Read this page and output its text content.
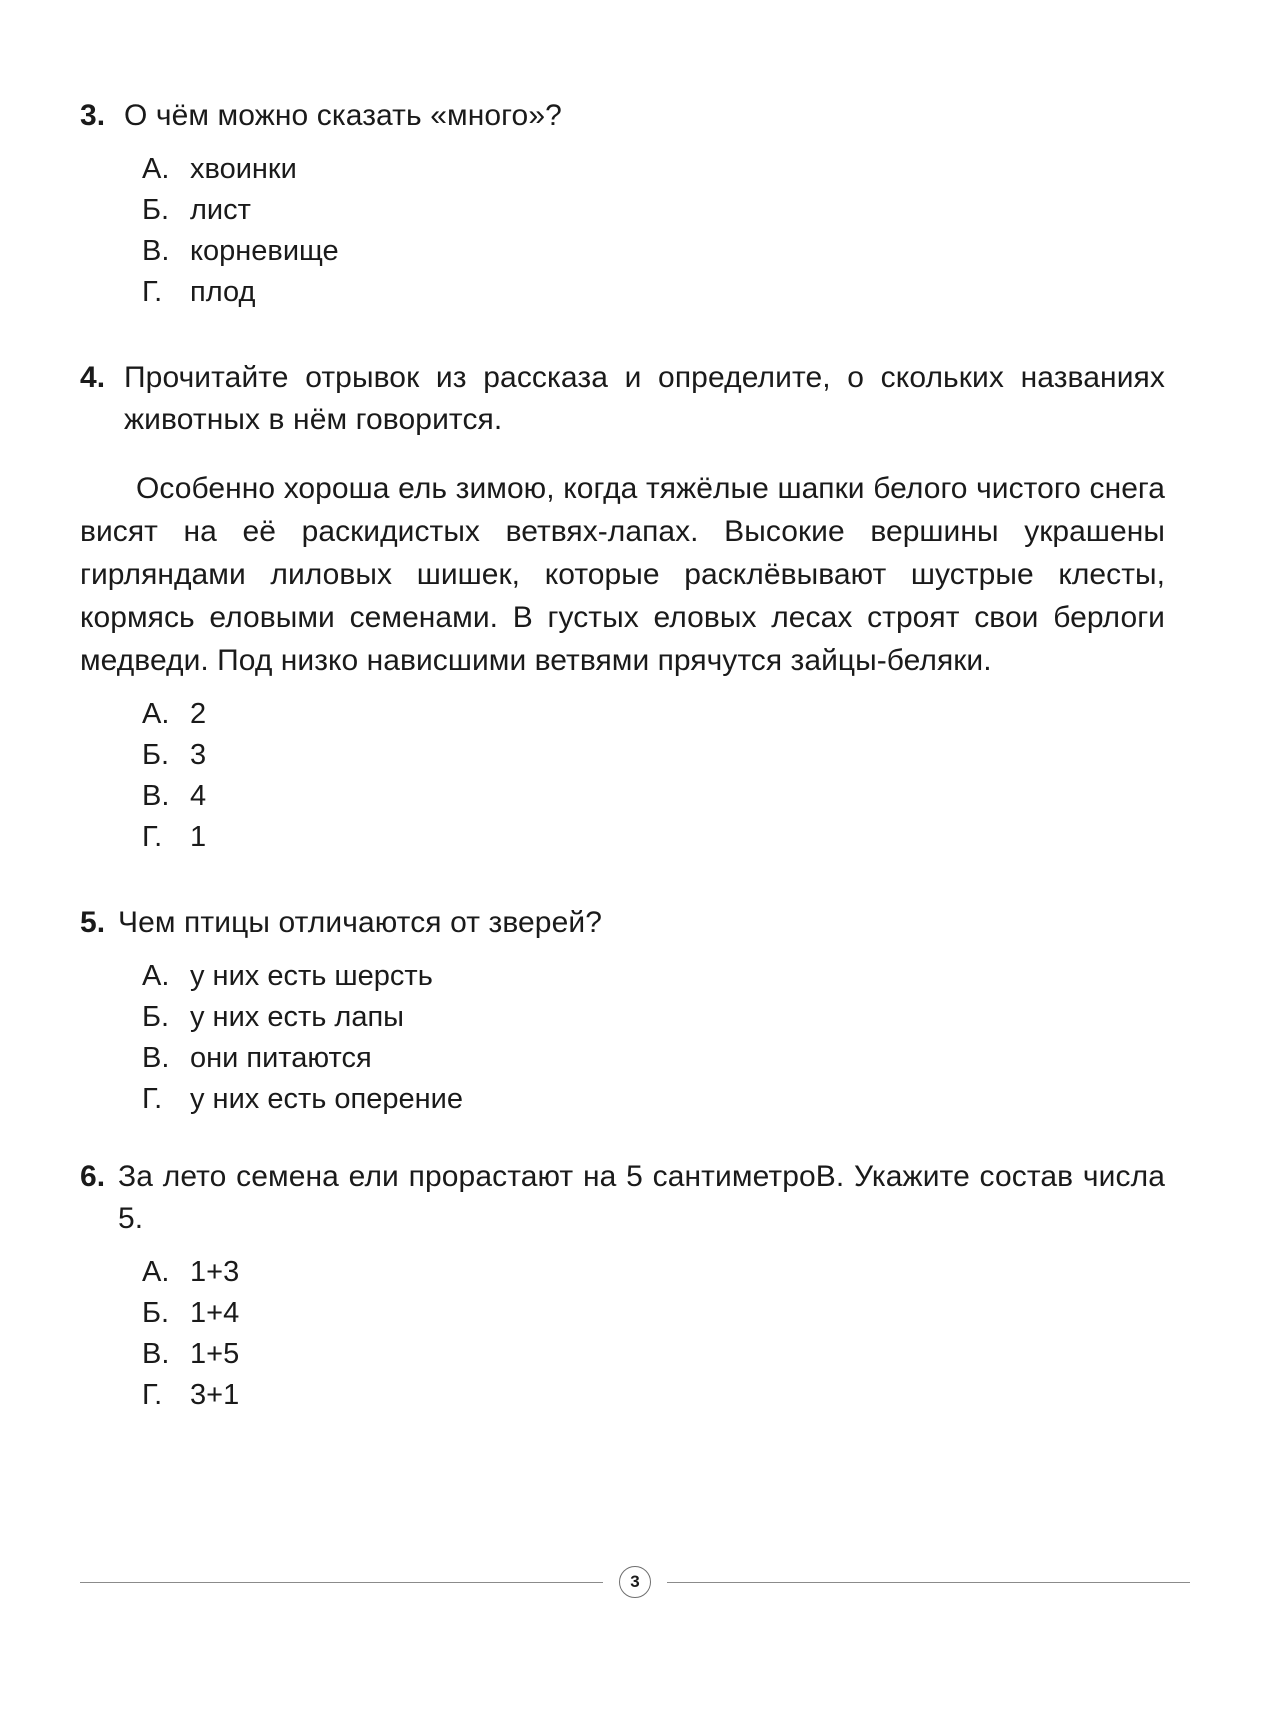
3. О чём можно сказать «много»?
А. хвоинки
Б. лист
В. корневище
Г. плод
4. Прочитайте отрывок из рассказа и определите, о скольких названиях животных в нём говорится.
Особенно хороша ель зимою, когда тяжёлые шапки белого чистого снега висят на её раскидистых ветвях-лапах. Высокие вершины украшены гирляндами лиловых шишек, которые расклёвывают шустрые клесты, кормясь еловыми семенами. В густых еловых лесах строят свои берлоги медведи. Под низко нависшими ветвями прячутся зайцы-беляки.
А. 2
Б. 3
В. 4
Г. 1
5. Чем птицы отличаются от зверей?
А. у них есть шерсть
Б. у них есть лапы
В. они питаются
Г. у них есть оперение
6. За лето семена ели прорастают на 5 сантиметроВ. Укажите состав числа 5.
А. 1+3
Б. 1+4
В. 1+5
Г. 3+1
3
